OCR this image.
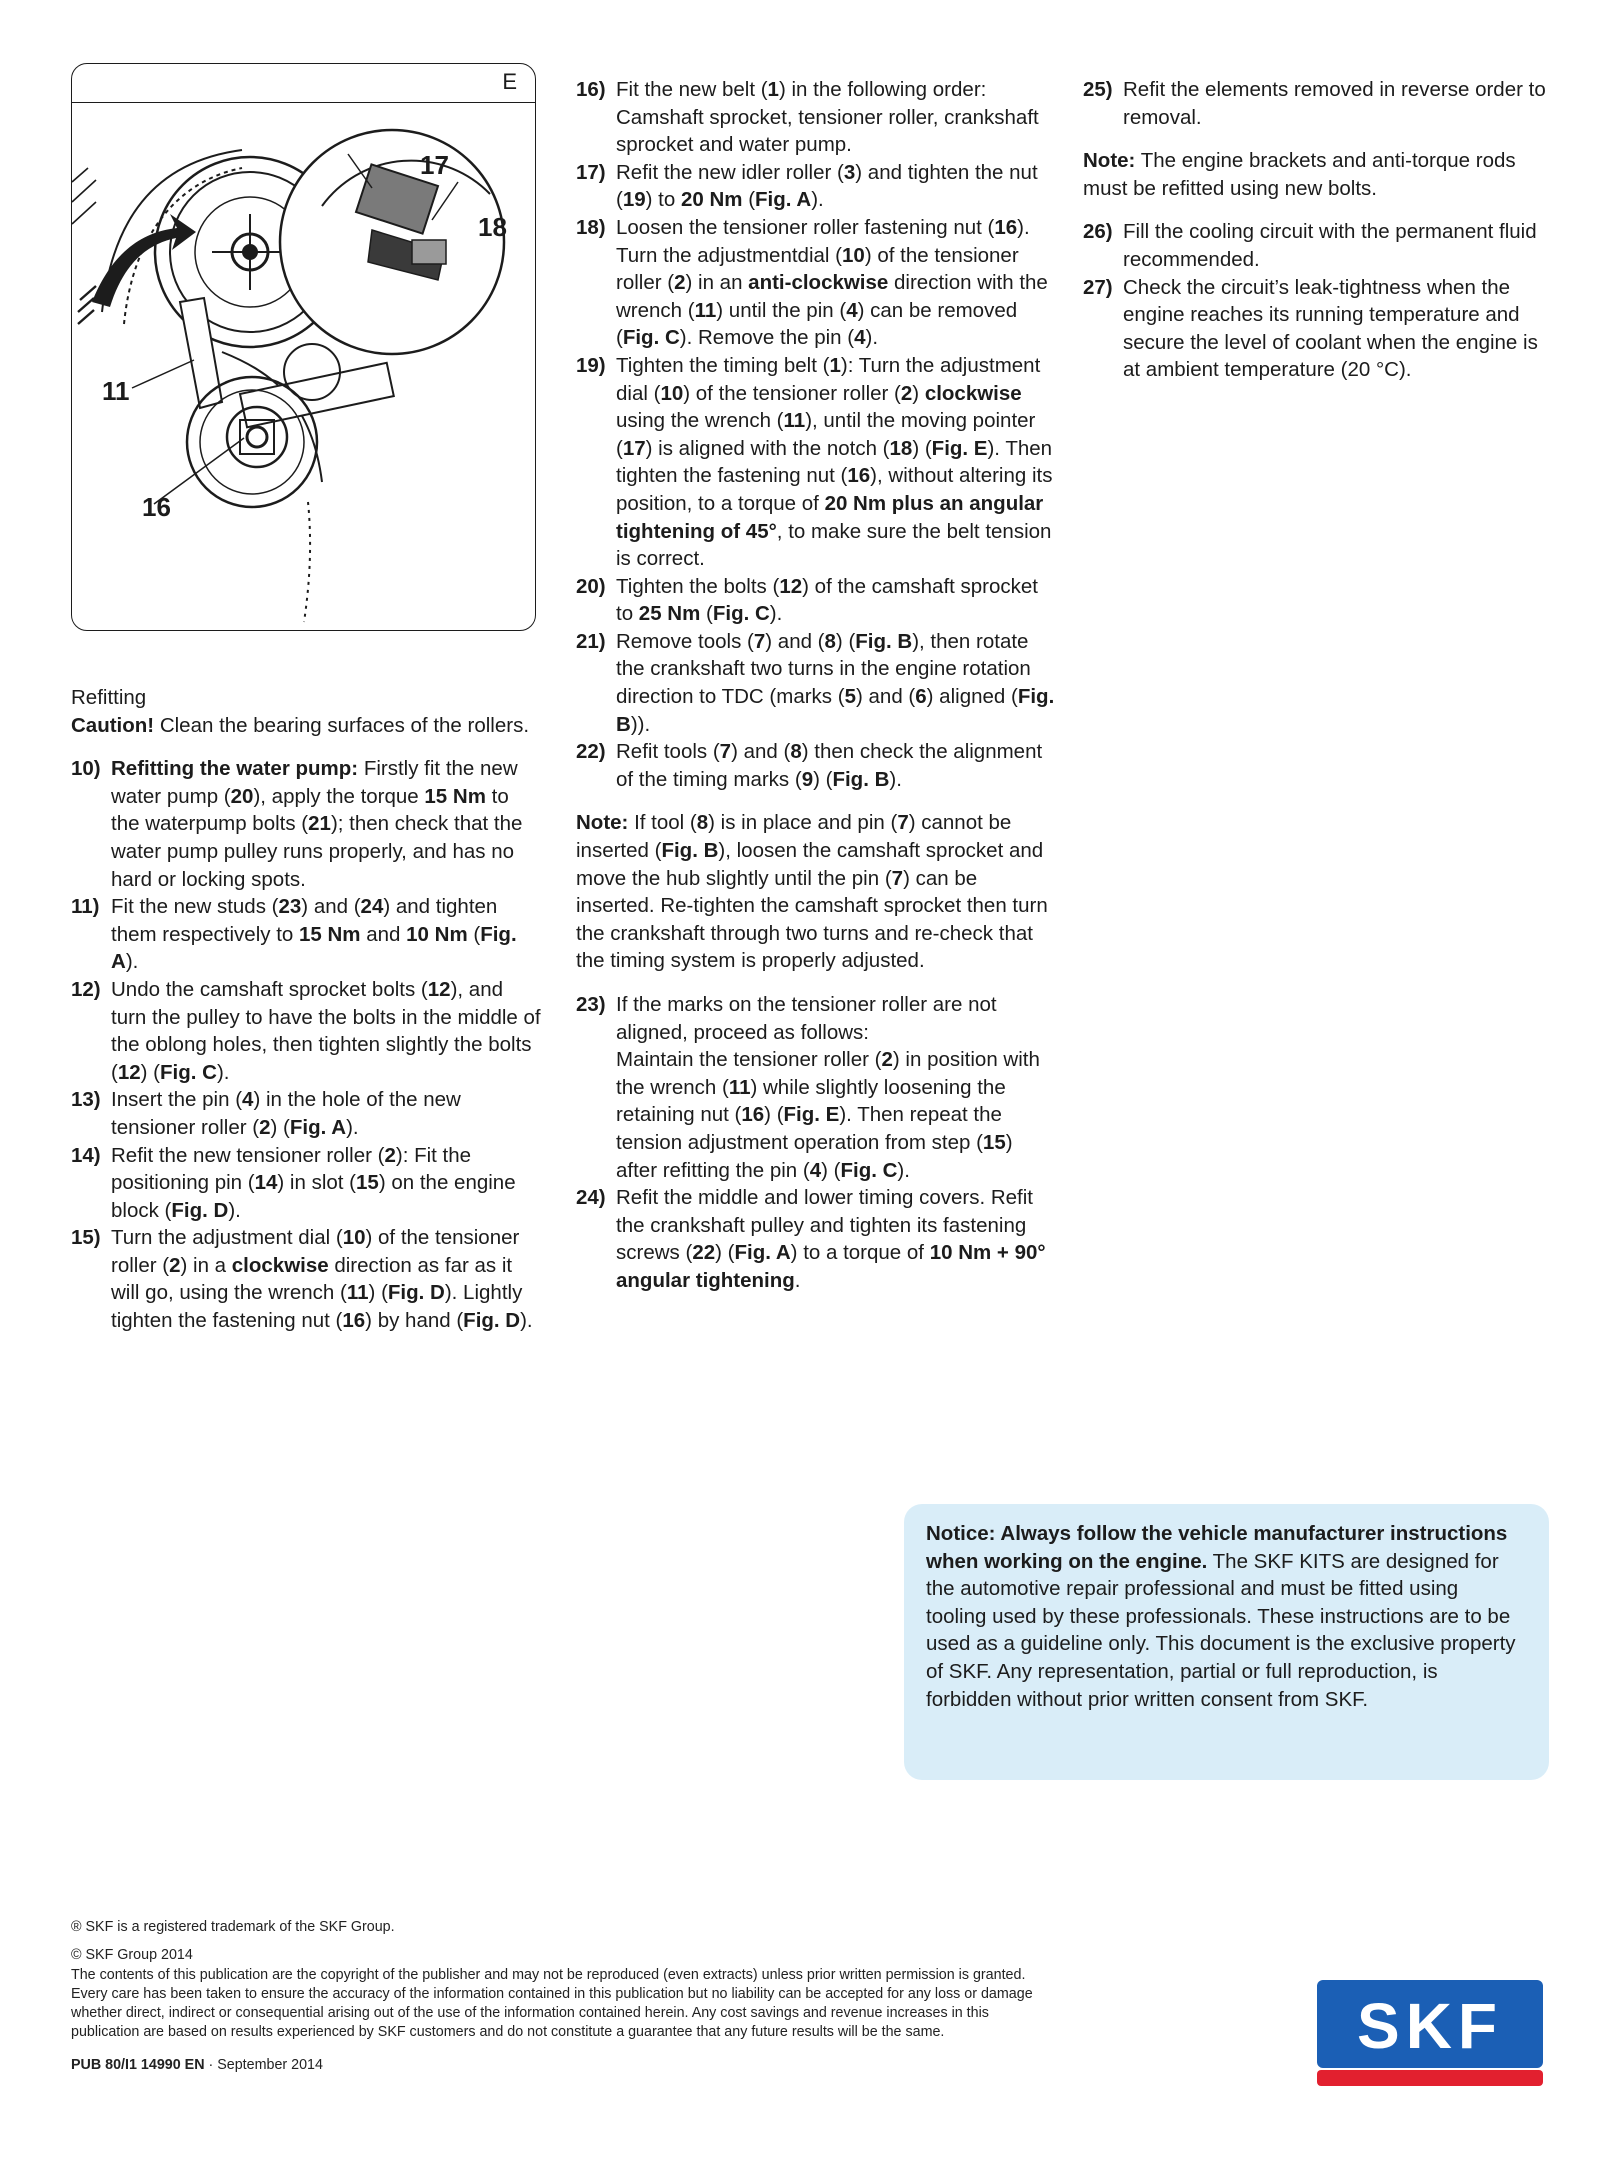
E
17
18
11
16
Refitting
Caution! Clean the bearing surfaces of the rollers.
10) Refitting the water pump: Firstly fit the new water pump (20), apply the torque 15 Nm to the waterpump bolts (21); then check that the water pump pulley runs properly, and has no hard or locking spots.
11) Fit the new studs (23) and (24) and tighten them respectively to 15 Nm and 10 Nm (Fig. A).
12) Undo the camshaft sprocket bolts (12), and turn the pulley to have the bolts in the middle of the oblong holes, then tighten slightly the bolts (12) (Fig. C).
13) Insert the pin (4) in the hole of the new tensioner roller (2) (Fig. A).
14) Refit the new tensioner roller (2): Fit the positioning pin (14) in slot (15) on the engine block (Fig. D).
15) Turn the adjustment dial (10) of the tensioner roller (2) in a clockwise direction as far as it will go, using the wrench (11) (Fig. D). Lightly tighten the fastening nut (16) by hand (Fig. D).
16) Fit the new belt (1) in the following order: Camshaft sprocket, tensioner roller, crankshaft sprocket and water pump.
17) Refit the new idler roller (3) and tighten the nut (19) to 20 Nm (Fig. A).
18) Loosen the tensioner roller fastening nut (16). Turn the adjustmentdial (10) of the tensioner roller (2) in an anti-clockwise direction with the wrench (11) until the pin (4) can be removed (Fig. C). Remove the pin (4).
19) Tighten the timing belt (1): Turn the adjustment dial (10) of the tensioner roller (2) clockwise using the wrench (11), until the moving pointer (17) is aligned with the notch (18) (Fig. E). Then tighten the fastening nut (16), without altering its position, to a torque of 20 Nm plus an angular tightening of 45°, to make sure the belt tension is correct.
20) Tighten the bolts (12) of the camshaft sprocket to 25 Nm (Fig. C).
21) Remove tools (7) and (8) (Fig. B), then rotate the crankshaft two turns in the engine rotation direction to TDC (marks (5) and (6) aligned (Fig. B)).
22) Refit tools (7) and (8) then check the alignment of the timing marks (9) (Fig. B).

Note: If tool (8) is in place and pin (7) cannot be inserted (Fig. B), loosen the camshaft sprocket and move the hub slightly until the pin (7) can be inserted. Re-tighten the camshaft sprocket then turn the crankshaft through two turns and re-check that the timing system is properly adjusted.

23) If the marks on the tensioner roller are not aligned, proceed as follows:
Maintain the tensioner roller (2) in position with the wrench (11) while slightly loosening the retaining nut (16) (Fig. E). Then repeat the tension adjustment operation from step (15) after refitting the pin (4) (Fig. C).
24) Refit the middle and lower timing covers. Refit the crankshaft pulley and tighten its fastening screws (22) (Fig. A) to a torque of 10 Nm + 90° angular tightening.
25) Refit the elements removed in reverse order to removal.

Note: The engine brackets and anti-torque rods must be refitted using new bolts.

26) Fill the cooling circuit with the permanent fluid recommended.
27) Check the circuit’s leak-tightness when the engine reaches its running temperature and secure the level of coolant when the engine is at ambient temperature (20 °C).
Notice: Always follow the vehicle manufacturer instructions when working on the engine. The SKF KITS are designed for the automotive repair professional and must be fitted using tooling used by these professionals. These instructions are to be used as a guideline only. This document is the exclusive property of SKF. Any representation, partial or full reproduction, is forbidden without prior written consent from SKF.

® SKF is a registered trademark of the SKF Group.

© SKF Group 2014

The contents of this publication are the copyright of the publisher and may not be reproduced (even extracts) unless prior written permission is granted. Every care has been taken to ensure the accuracy of the information contained in this publication but no liability can be accepted for any loss or damage whether direct, indirect or consequential arising out of the use of the information contained herein. Any cost savings and revenue increases in this publication are based on results experienced by SKF customers and do not constitute a guarantee that any future results will be the same.

PUB 80/I1 14990 EN · September 2014

SKF
